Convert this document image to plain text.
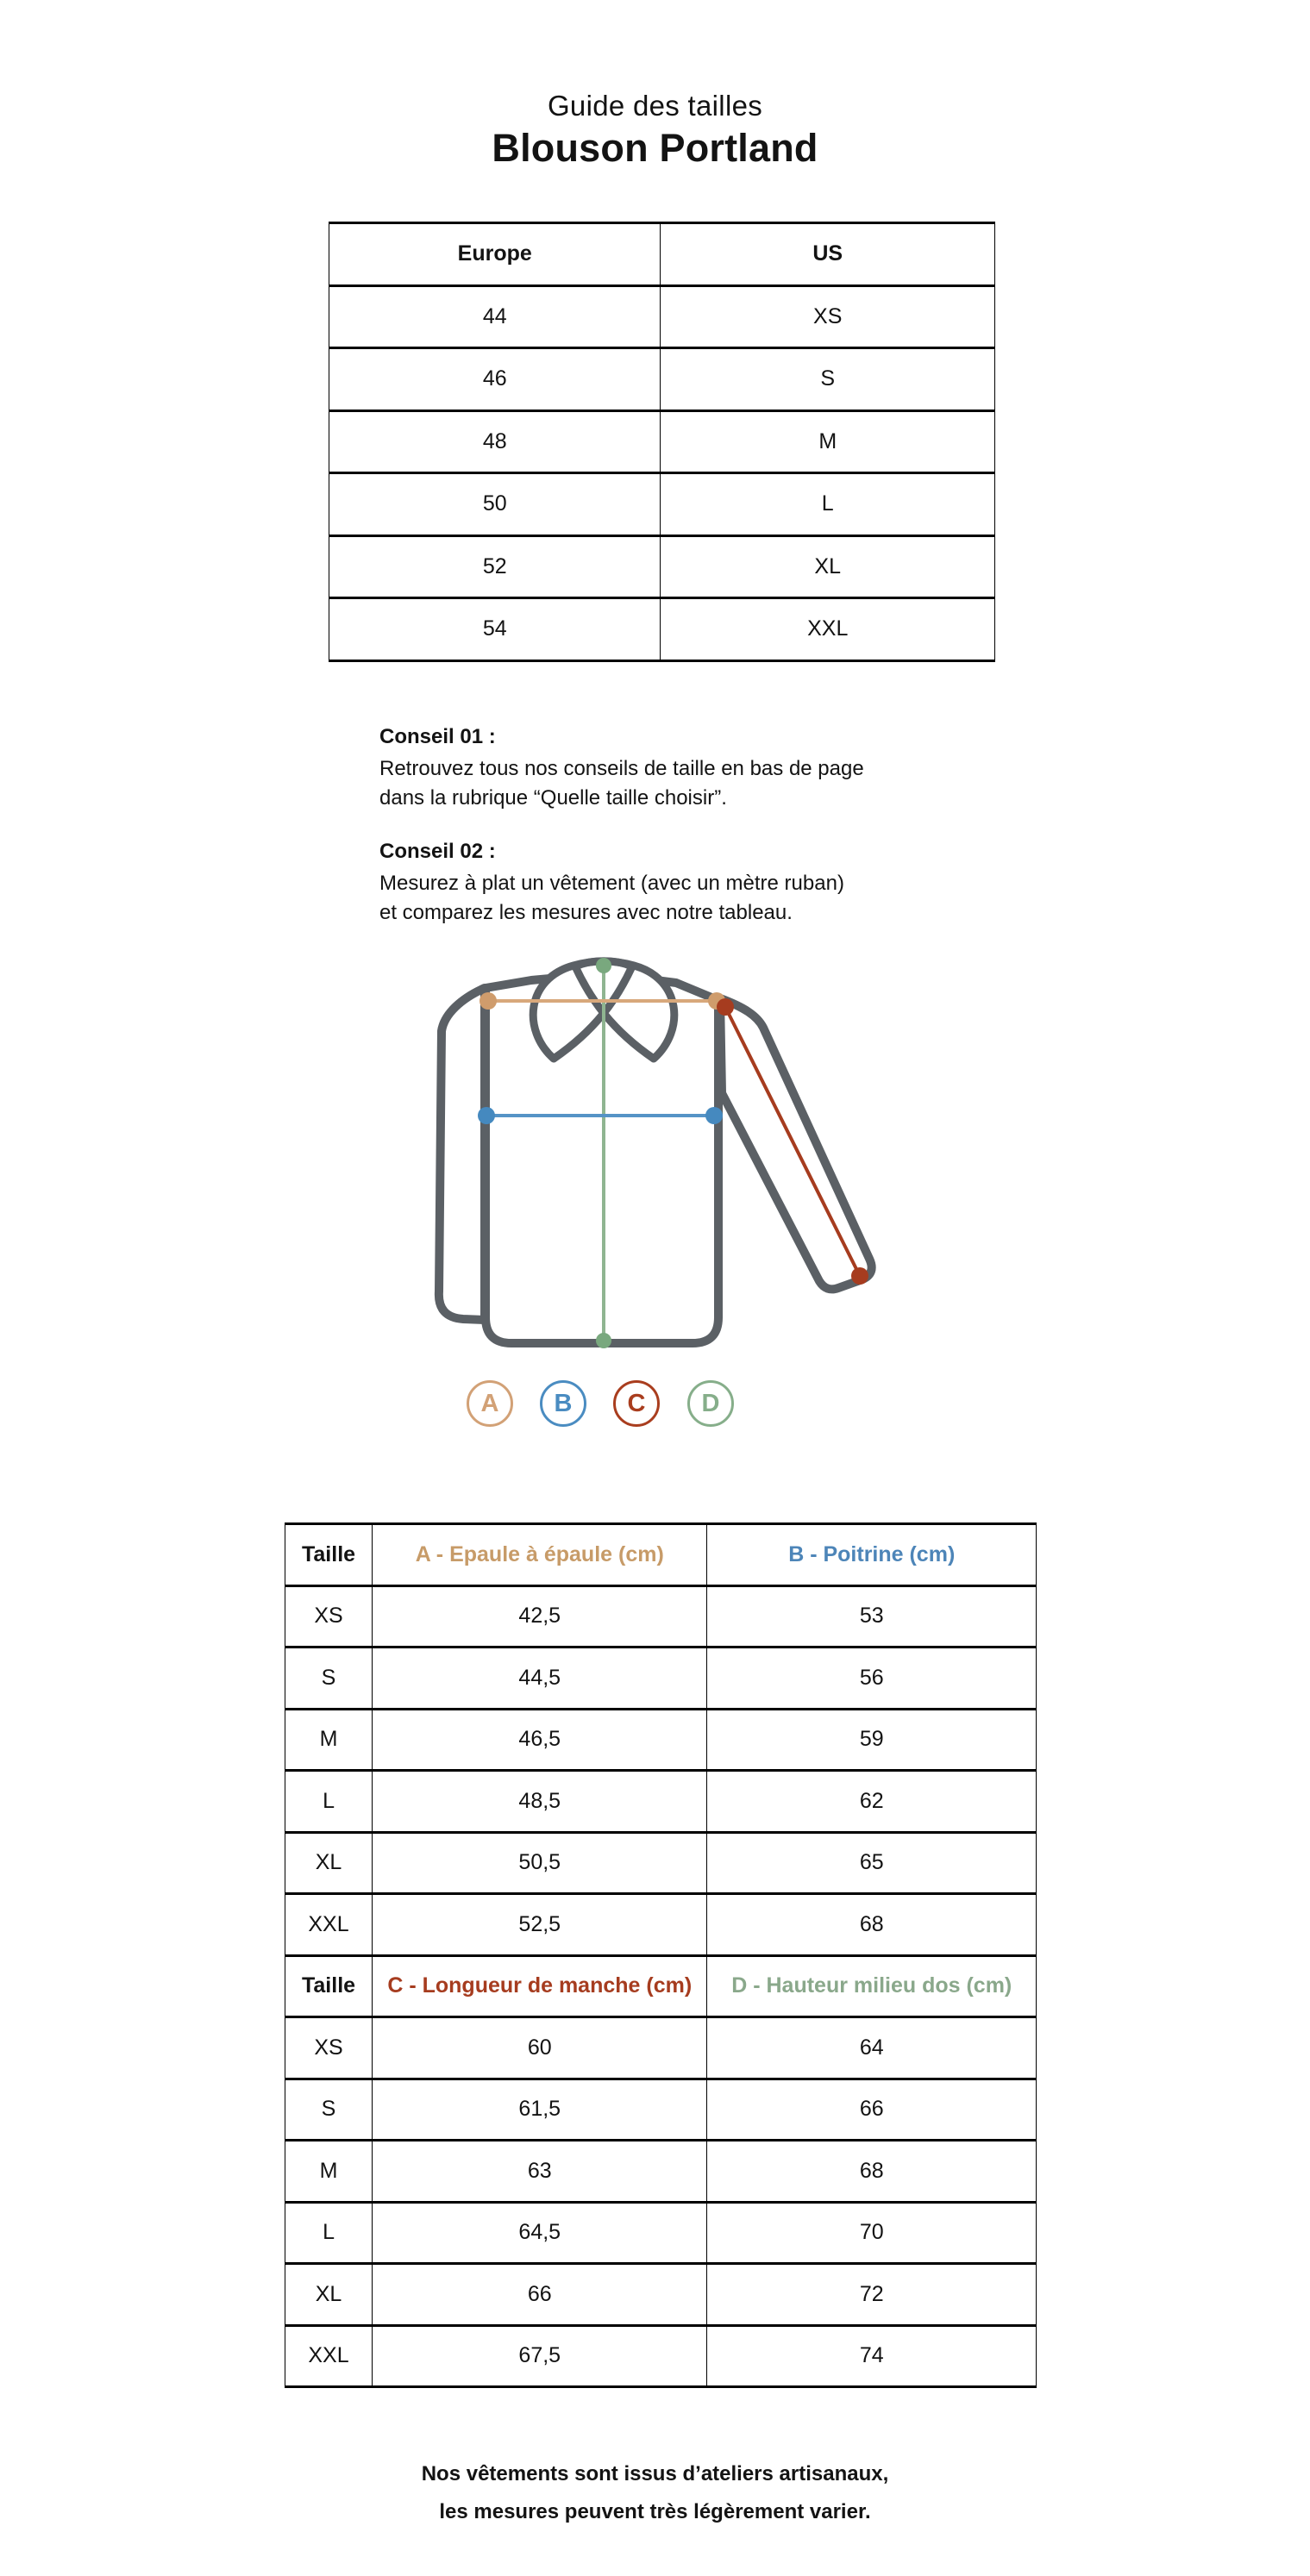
Guide des tailles
Blouson Portland
Europe	US
44	XS
46	S
48	M
50	L
52	XL
54	XXL
Conseil 01 :
Retrouvez tous nos conseils de taille en bas de page
dans la rubrique “Quelle taille choisir”.
Conseil 02 :
Mesurez à plat un vêtement (avec un mètre ruban)
et comparez les mesures avec notre tableau.
A B C D
Taille	A - Epaule à épaule (cm)	B - Poitrine (cm)
XS	42,5	53
S	44,5	56
M	46,5	59
L	48,5	62
XL	50,5	65
XXL	52,5	68
Taille	C - Longueur de manche (cm)	D - Hauteur milieu dos (cm)
XS	60	64
S	61,5	66
M	63	68
L	64,5	70
XL	66	72
XXL	67,5	74
Nos vêtements sont issus d’ateliers artisanaux,
les mesures peuvent très légèrement varier.
